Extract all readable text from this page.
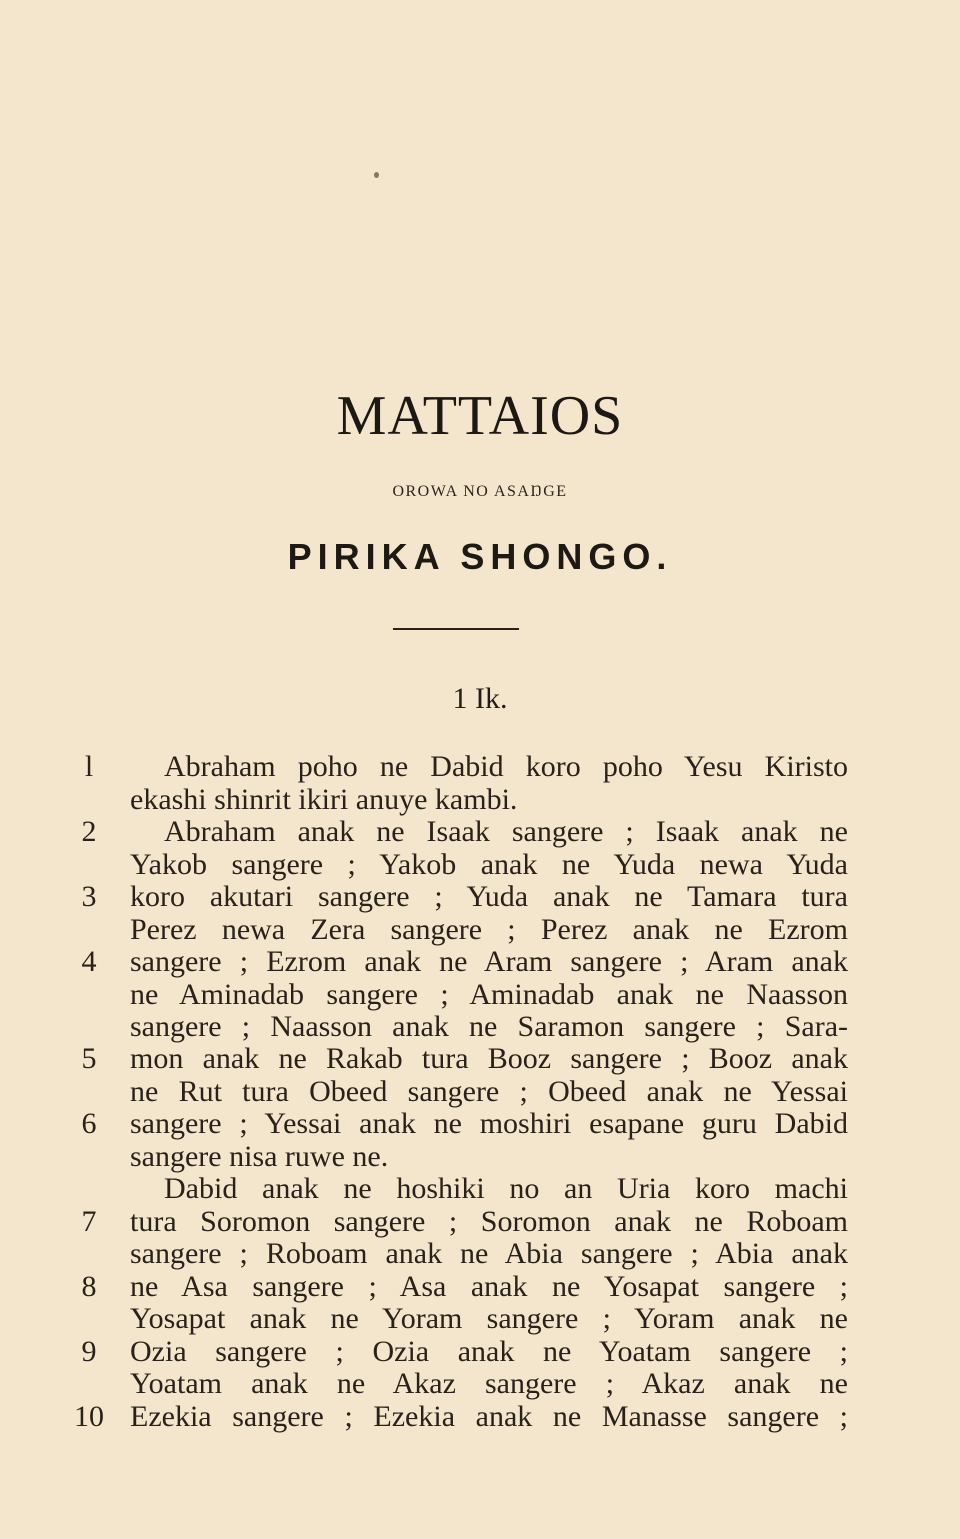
MATTAIOS
OROWA NO ASAŊGE
PIRIKA SHONGO.
1 Ik.
l
2
3
4
5
6
7
8
9
10
Abraham poho ne Dabid koro poho Yesu Kiristo
ekashi shinrit ikiri anuye kambi.
Abraham anak ne Isaak sangere ; Isaak anak ne
Yakob sangere ; Yakob anak ne Yuda newa Yuda
koro akutari sangere ; Yuda anak ne Tamara tura
Perez newa Zera sangere ; Perez anak ne Ezrom
sangere ; Ezrom anak ne Aram sangere ; Aram anak
ne Aminadab sangere ; Aminadab anak ne Naasson
sangere ; Naasson anak ne Saramon sangere ; Sara-
mon anak ne Rakab tura Booz sangere ; Booz anak
ne Rut tura Obeed sangere ; Obeed anak ne Yessai
sangere ; Yessai anak ne moshiri esapane guru Dabid
sangere nisa ruwe ne.
Dabid anak ne hoshiki no an Uria koro machi
tura Soromon sangere ; Soromon anak ne Roboam
sangere ; Roboam anak ne Abia sangere ; Abia anak
ne Asa sangere ; Asa anak ne Yosapat sangere ;
Yosapat anak ne Yoram sangere ; Yoram anak ne
Ozia sangere ; Ozia anak ne Yoatam sangere ;
Yoatam anak ne Akaz sangere ; Akaz anak ne
Ezekia sangere ; Ezekia anak ne Manasse sangere ;
